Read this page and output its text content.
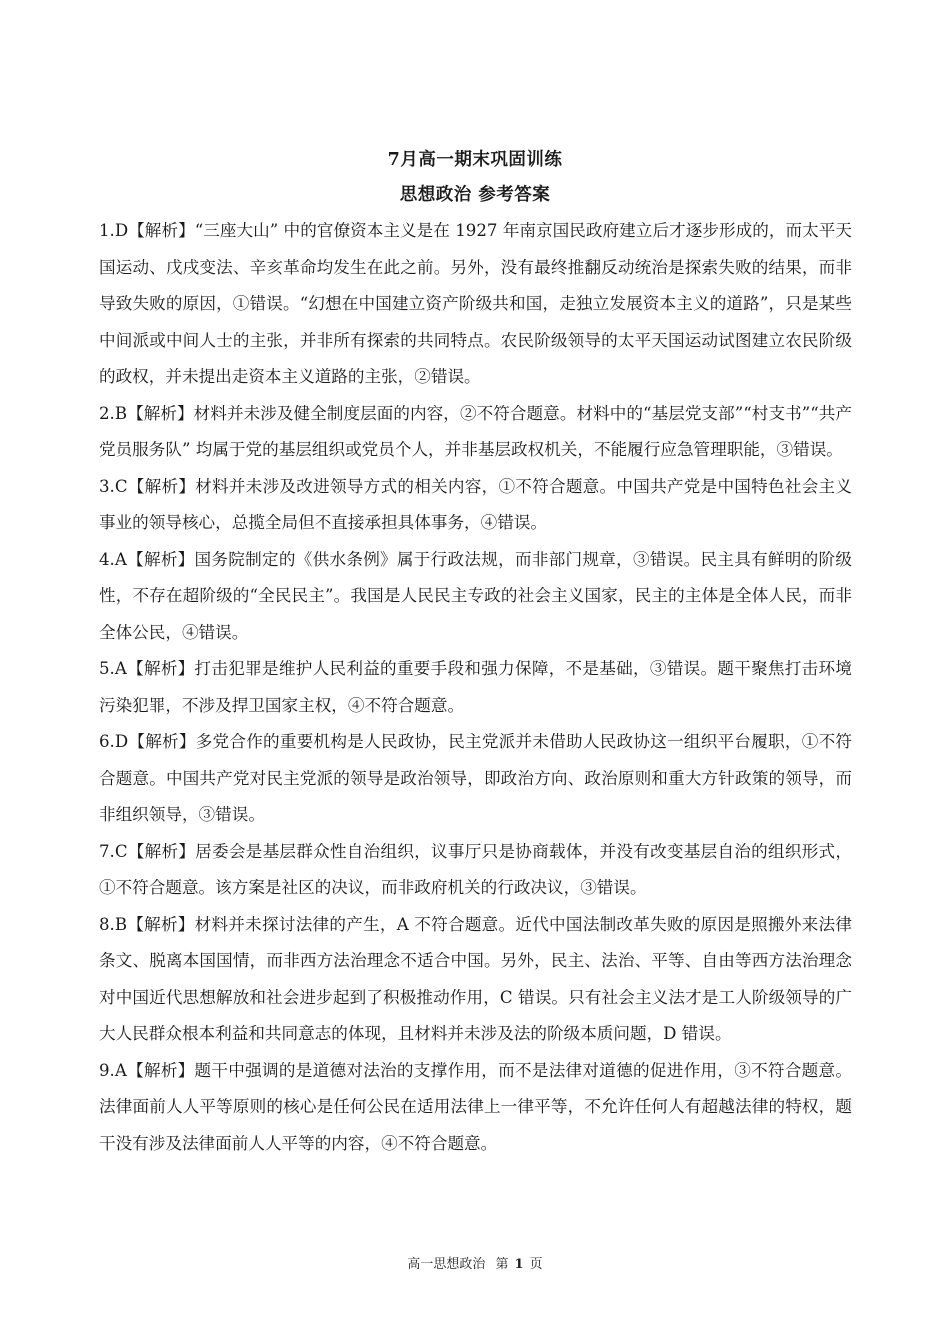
7月高一期末巩固训练
思想政治 参考答案

1.D【解析】“三座大山” 中的官僚资本主义是在 1927 年南京国民政府建立后才逐步形成的，而太平天国运动、戊戌变法、辛亥革命均发生在此之前。另外，没有最终推翻反动统治是探索失败的结果，而非导致失败的原因，①错误。“幻想在中国建立资产阶级共和国，走独立发展资本主义的道路”，只是某些中间派或中间人士的主张，并非所有探索的共同特点。农民阶级领导的太平天国运动试图建立农民阶级的政权，并未提出走资本主义道路的主张，②错误。

2.B【解析】材料并未涉及健全制度层面的内容，②不符合题意。材料中的“基层党支部”“村支书”“共产党员服务队” 均属于党的基层组织或党员个人，并非基层政权机关，不能履行应急管理职能，③错误。

3.C【解析】材料并未涉及改进领导方式的相关内容，①不符合题意。中国共产党是中国特色社会主义事业的领导核心，总揽全局但不直接承担具体事务，④错误。

4.A【解析】国务院制定的《供水条例》属于行政法规，而非部门规章，③错误。民主具有鲜明的阶级性，不存在超阶级的“全民民主”。我国是人民民主专政的社会主义国家，民主的主体是全体人民，而非全体公民，④错误。

5.A【解析】打击犯罪是维护人民利益的重要手段和强力保障，不是基础，③错误。题干聚焦打击环境污染犯罪，不涉及捍卫国家主权，④不符合题意。

6.D【解析】多党合作的重要机构是人民政协，民主党派并未借助人民政协这一组织平台履职，①不符合题意。中国共产党对民主党派的领导是政治领导，即政治方向、政治原则和重大方针政策的领导，而非组织领导，③错误。

7.C【解析】居委会是基层群众性自治组织，议事厅只是协商载体，并没有改变基层自治的组织形式，①不符合题意。该方案是社区的决议，而非政府机关的行政决议，③错误。

8.B【解析】材料并未探讨法律的产生，A 不符合题意。近代中国法制改革失败的原因是照搬外来法律条文、脱离本国国情，而非西方法治理念不适合中国。另外，民主、法治、平等、自由等西方法治理念对中国近代思想解放和社会进步起到了积极推动作用，C 错误。只有社会主义法才是工人阶级领导的广大人民群众根本利益和共同意志的体现，且材料并未涉及法的阶级本质问题，D 错误。

9.A【解析】题干中强调的是道德对法治的支撑作用，而不是法律对道德的促进作用，③不符合题意。法律面前人人平等原则的核心是任何公民在适用法律上一律平等，不允许任何人有超越法律的特权，题干没有涉及法律面前人人平等的内容，④不符合题意。

高一思想政治 第 1 页
